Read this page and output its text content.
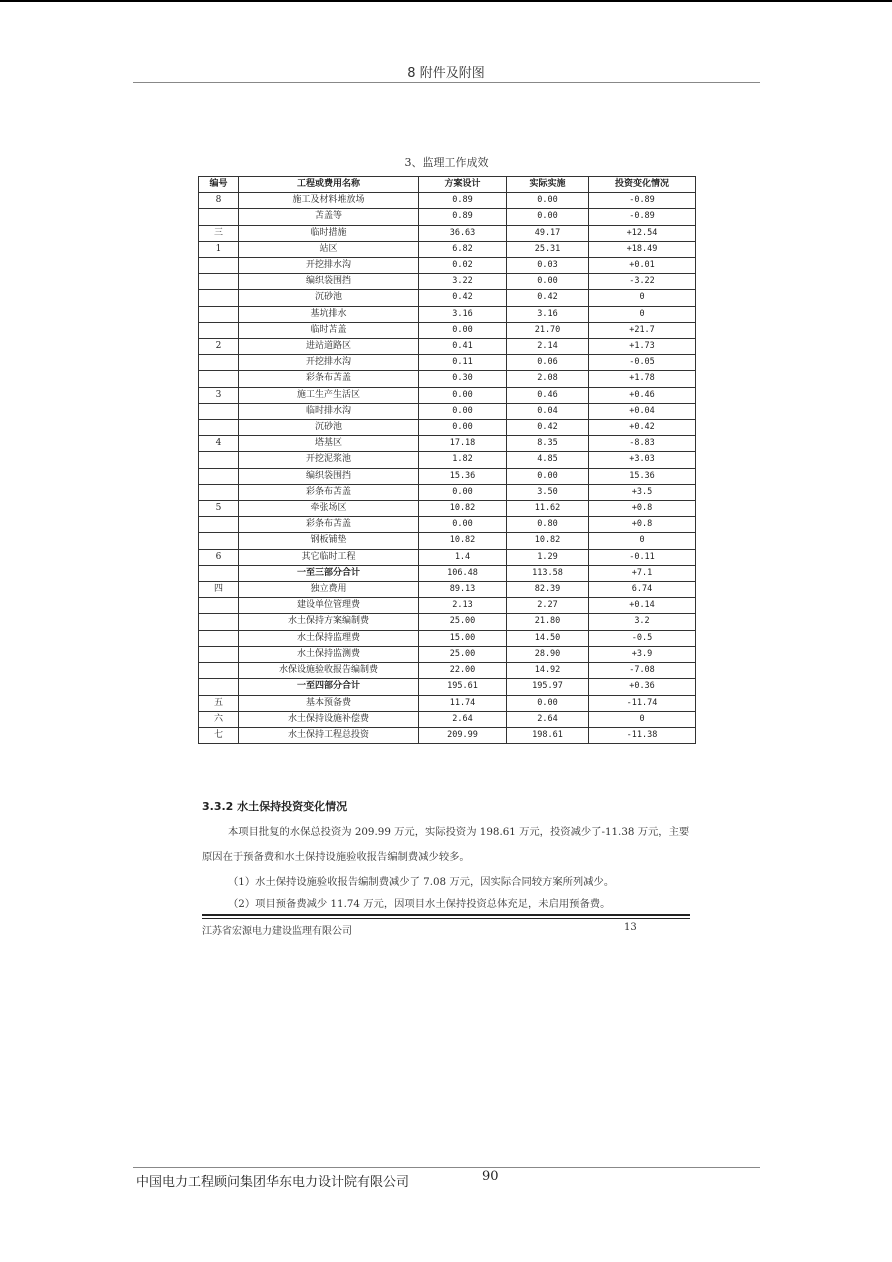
8 附件及附图
3、监理工作成效
编号	工程或费用名称	方案设计	实际实施	投资变化情况
8	施工及材料堆放场	0.89	0.00	-0.89
	苫盖等	0.89	0.00	-0.89
三	临时措施	36.63	49.17	+12.54
1	站区	6.82	25.31	+18.49
	开挖排水沟	0.02	0.03	+0.01
	编织袋围挡	3.22	0.00	-3.22
	沉砂池	0.42	0.42	0
	基坑排水	3.16	3.16	0
	临时苫盖	0.00	21.70	+21.7
2	进站道路区	0.41	2.14	+1.73
	开挖排水沟	0.11	0.06	-0.05
	彩条布苫盖	0.30	2.08	+1.78
3	施工生产生活区	0.00	0.46	+0.46
	临时排水沟	0.00	0.04	+0.04
	沉砂池	0.00	0.42	+0.42
4	塔基区	17.18	8.35	-8.83
	开挖泥浆池	1.82	4.85	+3.03
	编织袋围挡	15.36	0.00	15.36
	彩条布苫盖	0.00	3.50	+3.5
5	牵张场区	10.82	11.62	+0.8
	彩条布苫盖	0.00	0.80	+0.8
	钢板铺垫	10.82	10.82	0
6	其它临时工程	1.4	1.29	-0.11
	一至三部分合计	106.48	113.58	+7.1
四	独立费用	89.13	82.39	6.74
	建设单位管理费	2.13	2.27	+0.14
	水土保持方案编制费	25.00	21.80	3.2
	水土保持监理费	15.00	14.50	-0.5
	水土保持监测费	25.00	28.90	+3.9
	水保设施验收报告编制费	22.00	14.92	-7.08
	一至四部分合计	195.61	195.97	+0.36
五	基本预备费	11.74	0.00	-11.74
六	水土保持设施补偿费	2.64	2.64	0
七	水土保持工程总投资	209.99	198.61	-11.38
3.3.2 水土保持投资变化情况
本项目批复的水保总投资为 209.99 万元，实际投资为 198.61 万元，投资减少了-11.38 万元，主要原因在于预备费和水土保持设施验收报告编制费减少较多。
（1）水土保持设施验收报告编制费减少了 7.08 万元，因实际合同较方案所列减少。
（2）项目预备费减少 11.74 万元，因项目水土保持投资总体充足，未启用预备费。
江苏省宏源电力建设监理有限公司	13
中国电力工程顾问集团华东电力设计院有限公司	90
